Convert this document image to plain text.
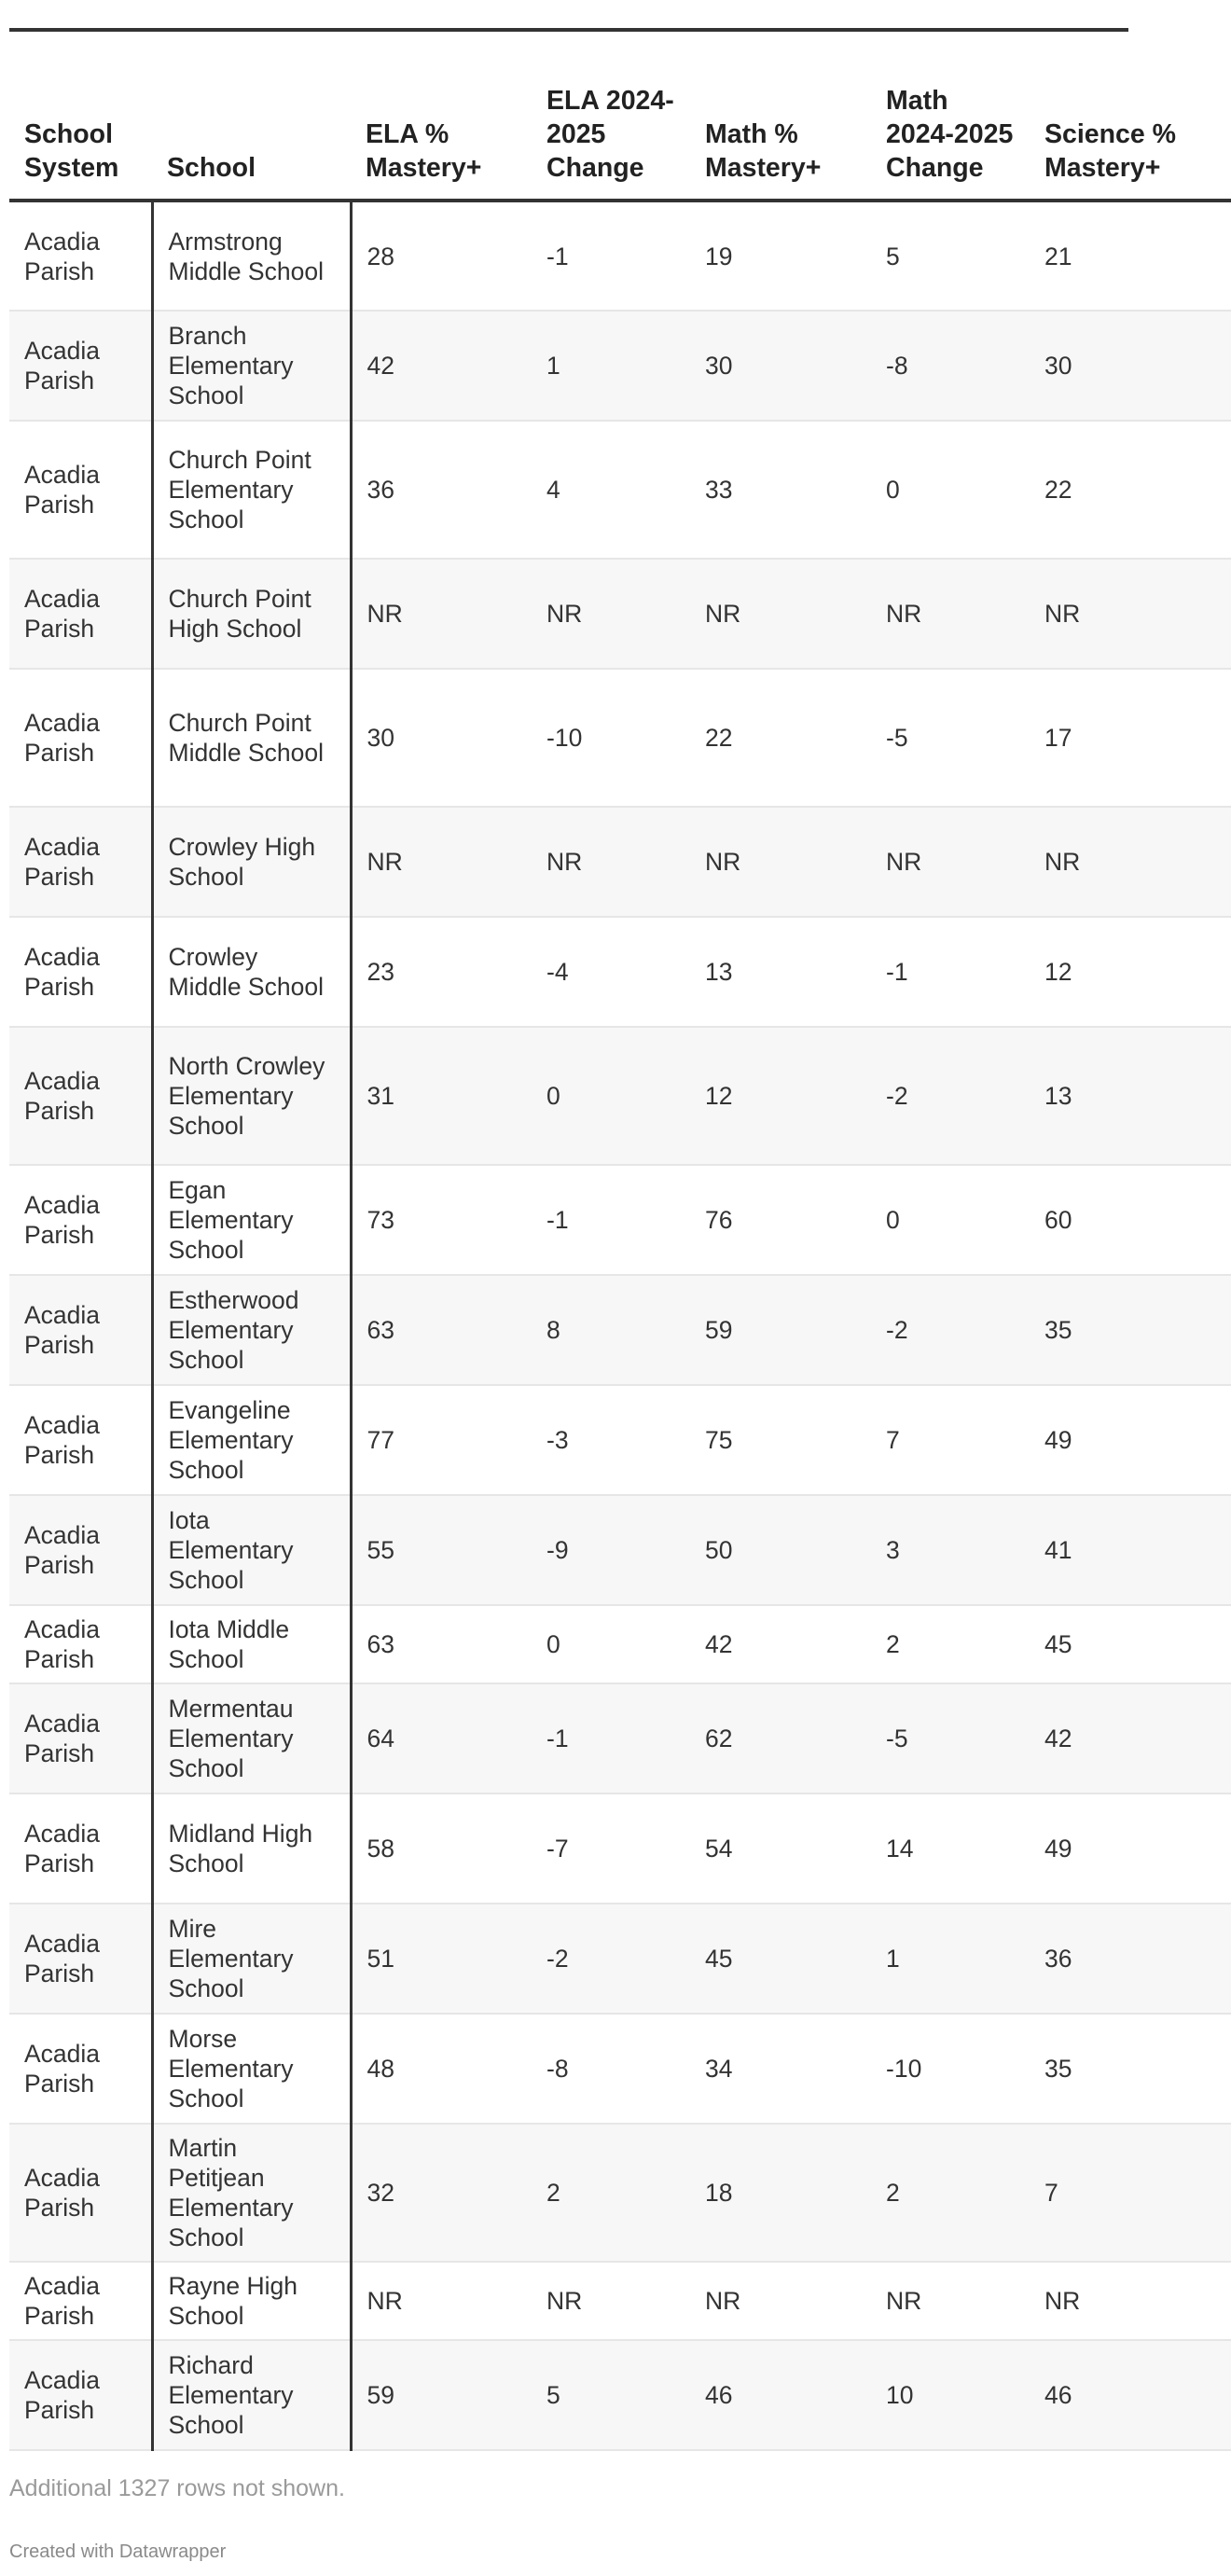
School System	School	ELA % Mastery+	ELA 2024-2025 Change	Math % Mastery+	Math 2024-2025 Change	Science % Mastery+
Acadia Parish	Armstrong Middle School	28	-1	19	5	21
Acadia Parish	Branch Elementary School	42	1	30	-8	30
Acadia Parish	Church Point Elementary School	36	4	33	0	22
Acadia Parish	Church Point High School	NR	NR	NR	NR	NR
Acadia Parish	Church Point Middle School	30	-10	22	-5	17
Acadia Parish	Crowley High School	NR	NR	NR	NR	NR
Acadia Parish	Crowley Middle School	23	-4	13	-1	12
Acadia Parish	North Crowley Elementary School	31	0	12	-2	13
Acadia Parish	Egan Elementary School	73	-1	76	0	60
Acadia Parish	Estherwood Elementary School	63	8	59	-2	35
Acadia Parish	Evangeline Elementary School	77	-3	75	7	49
Acadia Parish	Iota Elementary School	55	-9	50	3	41
Acadia Parish	Iota Middle School	63	0	42	2	45
Acadia Parish	Mermentau Elementary School	64	-1	62	-5	42
Acadia Parish	Midland High School	58	-7	54	14	49
Acadia Parish	Mire Elementary School	51	-2	45	1	36
Acadia Parish	Morse Elementary School	48	-8	34	-10	35
Acadia Parish	Martin Petitjean Elementary School	32	2	18	2	7
Acadia Parish	Rayne High School	NR	NR	NR	NR	NR
Acadia Parish	Richard Elementary School	59	5	46	10	46
Additional 1327 rows not shown.
Created with Datawrapper
